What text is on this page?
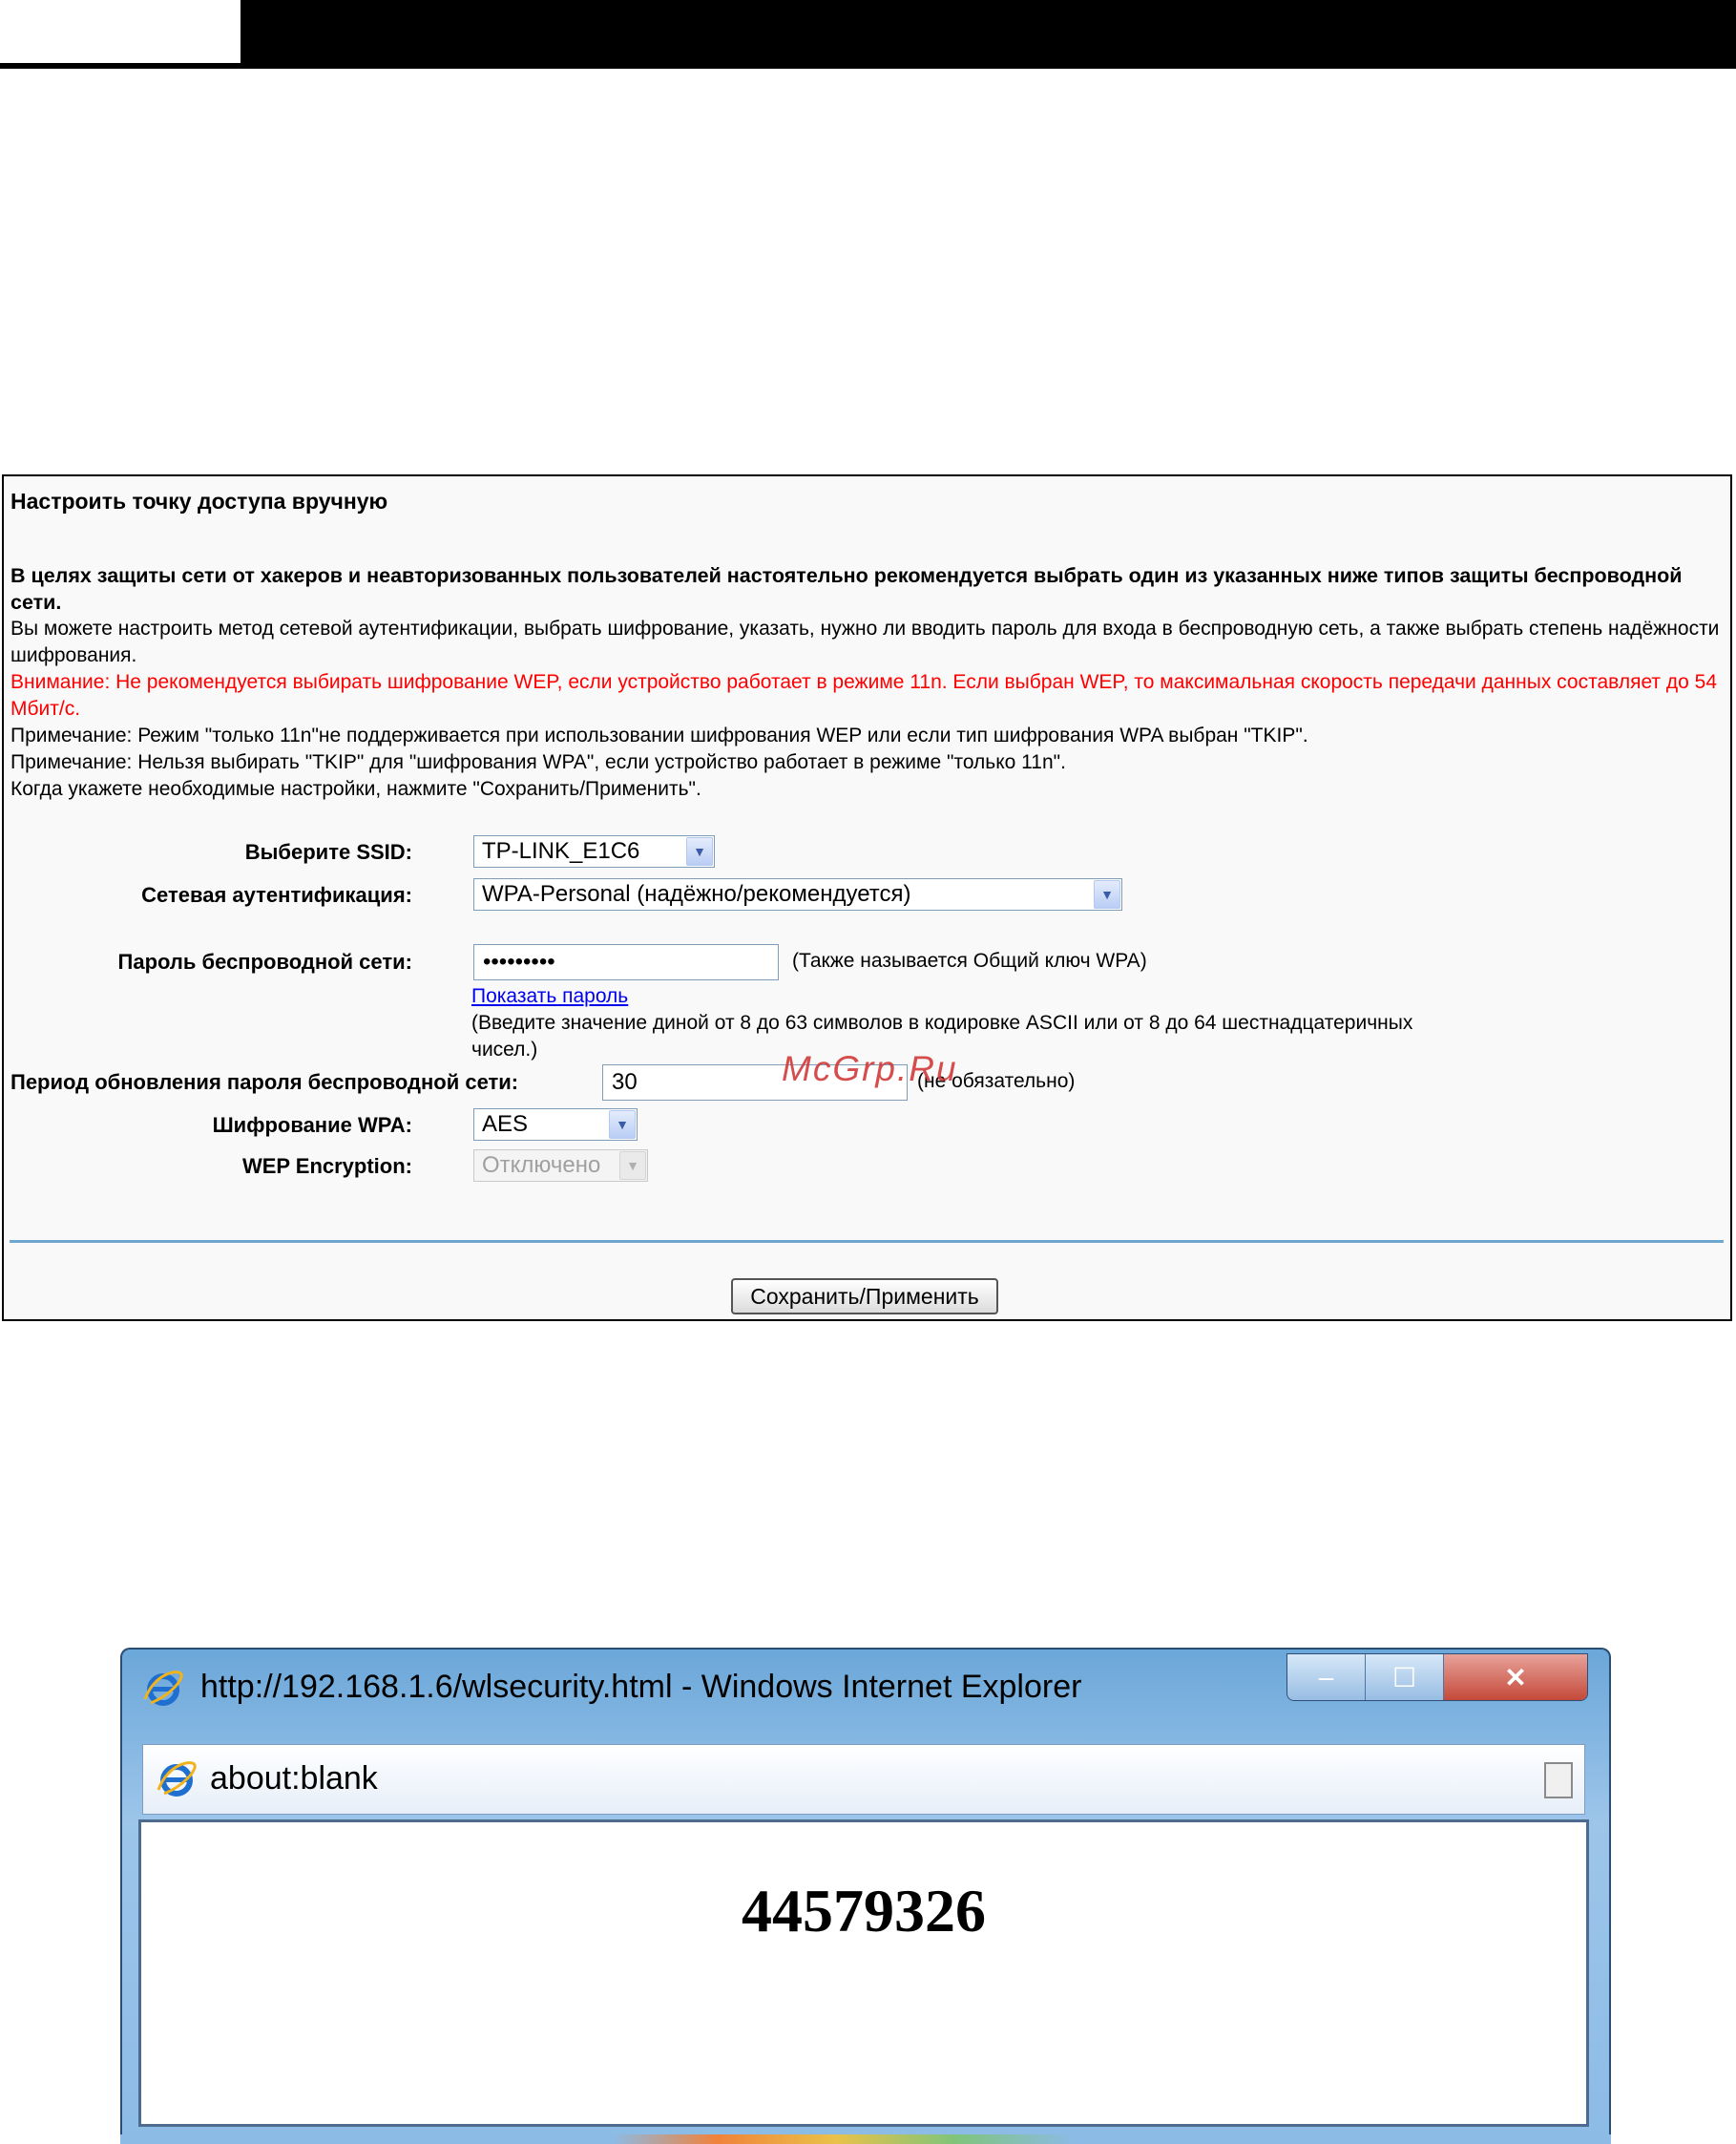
Настроить точку доступа вручную
В целях защиты сети от хакеров и неавторизованных пользователей настоятельно рекомендуется выбрать один из указанных ниже типов защиты беспроводной сети.
Вы можете настроить метод сетевой аутентификации, выбрать шифрование, указать, нужно ли вводить пароль для входа в беспроводную сеть, а также выбрать степень надёжности шифрования.
Внимание: Не рекомендуется выбирать шифрование WEP, если устройство работает в режиме 11n. Если выбран WEP, то максимальная скорость передачи данных составляет до 54 Мбит/с.
Примечание: Режим "только 11n"не поддерживается при использовании шифрования WEP или если тип шифрования WPA выбран "TKIP".
Примечание: Нельзя выбирать "TKIP" для "шифрования WPA", если устройство работает в режиме "только 11n".
Когда укажете необходимые настройки, нажмите "Сохранить/Применить".
Выберите SSID:	TP-LINK_E1C6	▼
Сетевая аутентификация:	WPA-Personal (надёжно/рекомендуется)	▼
Пароль беспроводной сети:	•••••••••	(Также называется Общий ключ WPA)
Показать пароль
(Введите значение диной от 8 до 63 символов в кодировке ASCII или от 8 до 64 шестнадцатеричных
чисел.)
Период обновления пароля беспроводной сети:	30	(не обязательно)
McGrp.Ru
Шифрование WPA:	AES	▼
WEP Encryption:	Отключено	▼
Сохранить/Применить
http://192.168.1.6/wlsecurity.html - Windows Internet Explorer	–	☐	✕
about:blank
44579326
